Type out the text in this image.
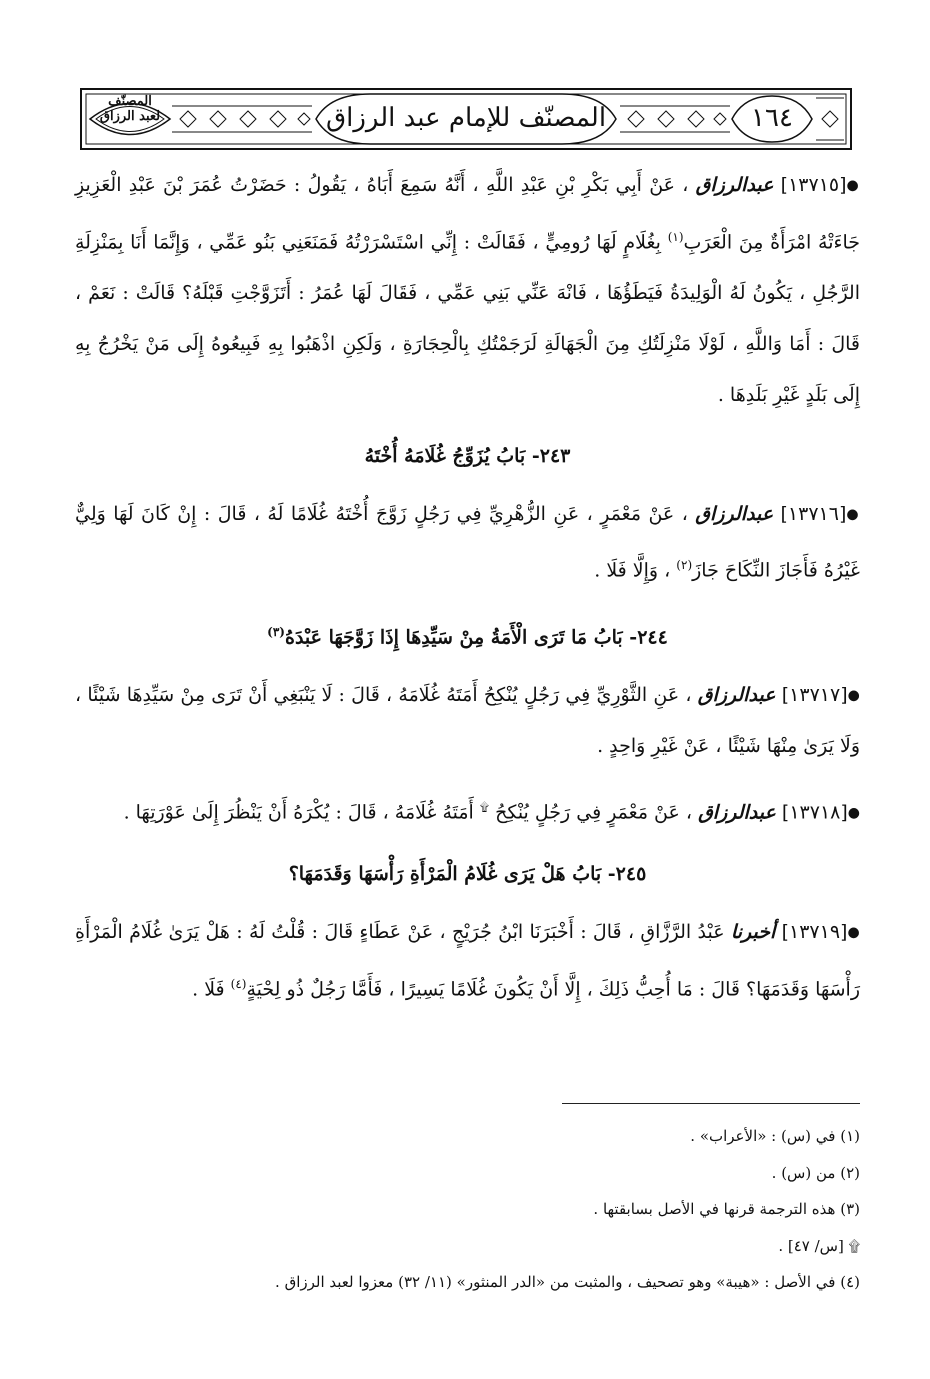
المصنّف للإمام عبد الرزاق	١٦٤
المصنّف
لعبد الرزاق

●[١٣٧١٥] عبدالرزاق ، عَنْ أَبِي بَكْرِ بْنِ عَبْدِ اللَّهِ ، أَنَّهُ سَمِعَ أَبَاهُ ، يَقُولُ : حَضَرْتُ عُمَرَ بْنَ عَبْدِ الْعَزِيزِ جَاءَتْهُ امْرَأَةٌ مِنَ الْعَرَبِ$^{(١)}$ بِغُلَامٍ لَهَا رُومِيٍّ ، فَقَالَتْ : إِنِّي اسْتَسْرَرْتُهُ فَمَنَعَنِي بَنُو عَمِّي ، وَإِنَّمَا أَنَا بِمَنْزِلَةِ الرَّجُلِ ، يَكُونُ لَهُ الْوَلِيدَةُ فَيَطَؤُهَا ، فَانْهَ عَنِّي بَنِي عَمِّي ، فَقَالَ لَهَا عُمَرُ : أَتَزَوَّجْتِ قَبْلَهُ؟ قَالَتْ : نَعَمْ ، قَالَ : أَمَا وَاللَّهِ ، لَوْلَا مَنْزِلَتُكِ مِنَ الْجَهَالَةِ لَرَجَمْتُكِ بِالْحِجَارَةِ ، وَلَكِنِ اذْهَبُوا بِهِ فَبِيعُوهُ إِلَى مَنْ يَخْرُجُ بِهِ إِلَى بَلَدٍ غَيْرِ بَلَدِهَا .

٢٤٣- بَابُ يُزَوِّجُ غُلَامَهُ أُخْتَهُ

●[١٣٧١٦] عبدالرزاق ، عَنْ مَعْمَرٍ ، عَنِ الزُّهْرِيِّ فِي رَجُلٍ زَوَّجَ أُخْتَهُ غُلَامًا لَهُ ، قَالَ : إِنْ كَانَ لَهَا وَلِيٌّ غَيْرُهُ فَأَجَازَ النِّكَاحَ جَازَ$^{(٢)}$ ، وَإِلَّا فَلَا .

٢٤٤- بَابُ مَا تَرَى الْأَمَةُ مِنْ سَيِّدِهَا إِذَا زَوَّجَهَا عَبْدَهُ$^{(٣)}$

●[١٣٧١٧] عبدالرزاق ، عَنِ الثَّوْرِيِّ فِي رَجُلٍ يُنْكِحُ أَمَتَهُ غُلَامَهُ ، قَالَ : لَا يَنْبَغِي أَنْ تَرَى مِنْ سَيِّدِهَا شَيْئًا ، وَلَا يَرَىٰ مِنْهَا شَيْئًا ، عَنْ غَيْرِ وَاحِدٍ .

●[١٣٧١٨] عبدالرزاق ، عَنْ مَعْمَرٍ فِي رَجُلٍ يُنْكِحُ ۩ أَمَتَهُ غُلَامَهُ ، قَالَ : يُكْرَهُ أَنْ يَنْظُرَ إِلَىٰ عَوْرَتِهَا .

٢٤٥- بَابُ هَلْ يَرَى غُلَامُ الْمَرْأَةِ رَأْسَهَا وَقَدَمَهَا؟

●[١٣٧١٩] أخبرنا عَبْدُ الرَّزَّاقِ ، قَالَ : أَخْبَرَنَا ابْنُ جُرَيْجٍ ، عَنْ عَطَاءٍ قَالَ : قُلْتُ لَهُ : هَلْ يَرَىٰ غُلَامُ الْمَرْأَةِ رَأْسَهَا وَقَدَمَهَا؟ قَالَ : مَا أُحِبُّ ذَلِكَ ، إِلَّا أَنْ يَكُونَ غُلَامًا يَسِيرًا ، فَأَمَّا رَجُلٌ ذُو لِحْيَةٍ$^{(٤)}$ فَلَا .

(١) في (س) : «الأعراب» .
(٢) من (س) .
(٣) هذه الترجمة قرنها في الأصل بسابقتها .
۩ [س/ ٤٧] .
(٤) في الأصل : «هيبة» وهو تصحيف ، والمثبت من «الدر المنثور» (١١/ ٣٢) معزوا لعبد الرزاق .
